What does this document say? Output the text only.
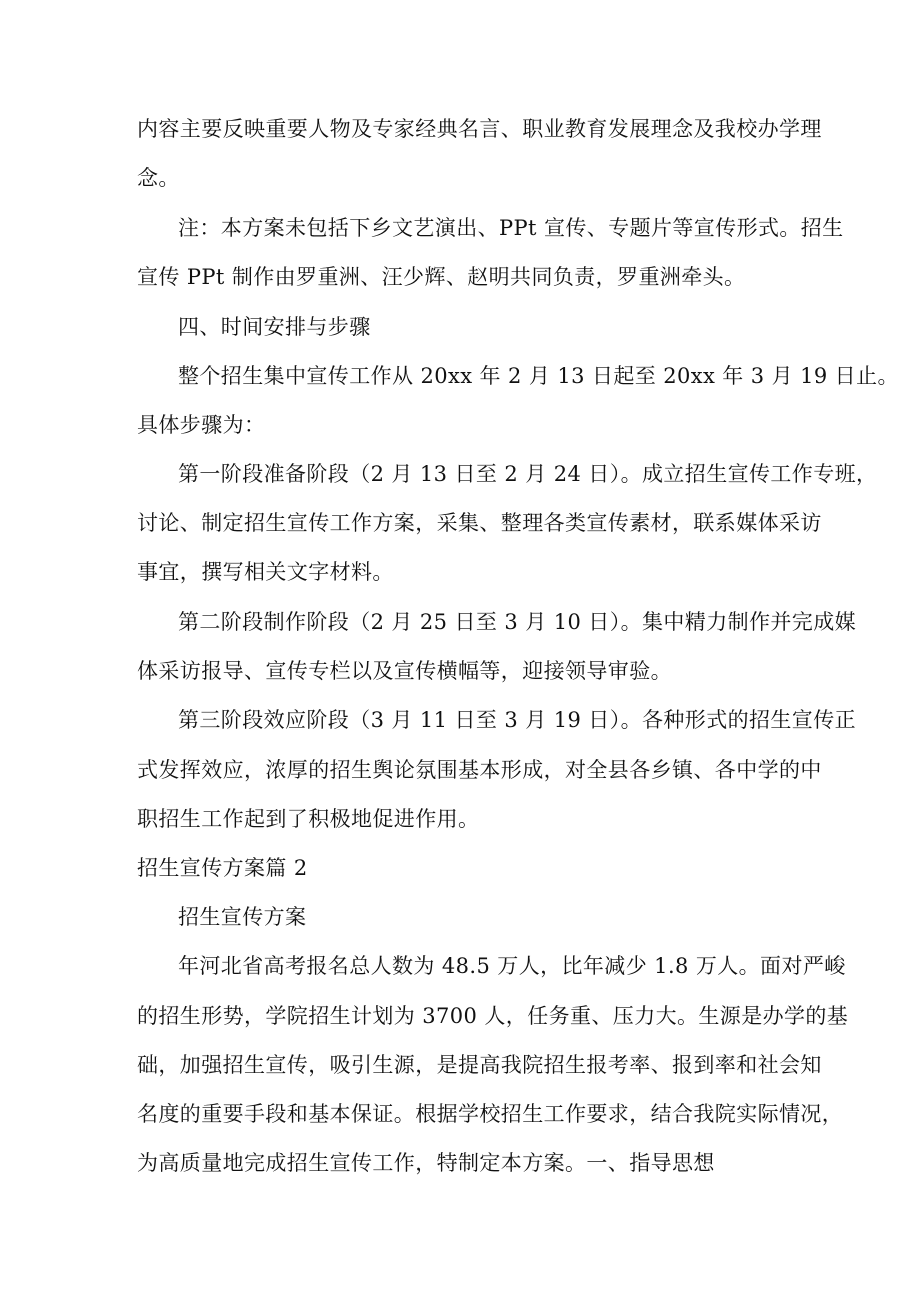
内容主要反映重要人物及专家经典名言、职业教育发展理念及我校办学理
念。
注：本方案未包括下乡文艺演出、PPt 宣传、专题片等宣传形式。招生
宣传 PPt 制作由罗重洲、汪少辉、赵明共同负责，罗重洲牵头。
四、时间安排与步骤
整个招生集中宣传工作从 20xx 年 2 月 13 日起至 20xx 年 3 月 19 日止。
具体步骤为：
第一阶段准备阶段（2 月 13 日至 2 月 24 日）。成立招生宣传工作专班，
讨论、制定招生宣传工作方案，采集、整理各类宣传素材，联系媒体采访
事宜，撰写相关文字材料。
第二阶段制作阶段（2 月 25 日至 3 月 10 日）。集中精力制作并完成媒
体采访报导、宣传专栏以及宣传横幅等，迎接领导审验。
第三阶段效应阶段（3 月 11 日至 3 月 19 日）。各种形式的招生宣传正
式发挥效应，浓厚的招生舆论氛围基本形成，对全县各乡镇、各中学的中
职招生工作起到了积极地促进作用。
招生宣传方案篇 2
招生宣传方案
年河北省高考报名总人数为 48.5 万人，比年减少 1.8 万人。面对严峻
的招生形势，学院招生计划为 3700 人，任务重、压力大。生源是办学的基
础，加强招生宣传，吸引生源，是提高我院招生报考率、报到率和社会知
名度的重要手段和基本保证。根据学校招生工作要求，结合我院实际情况，
为高质量地完成招生宣传工作，特制定本方案。一、指导思想
